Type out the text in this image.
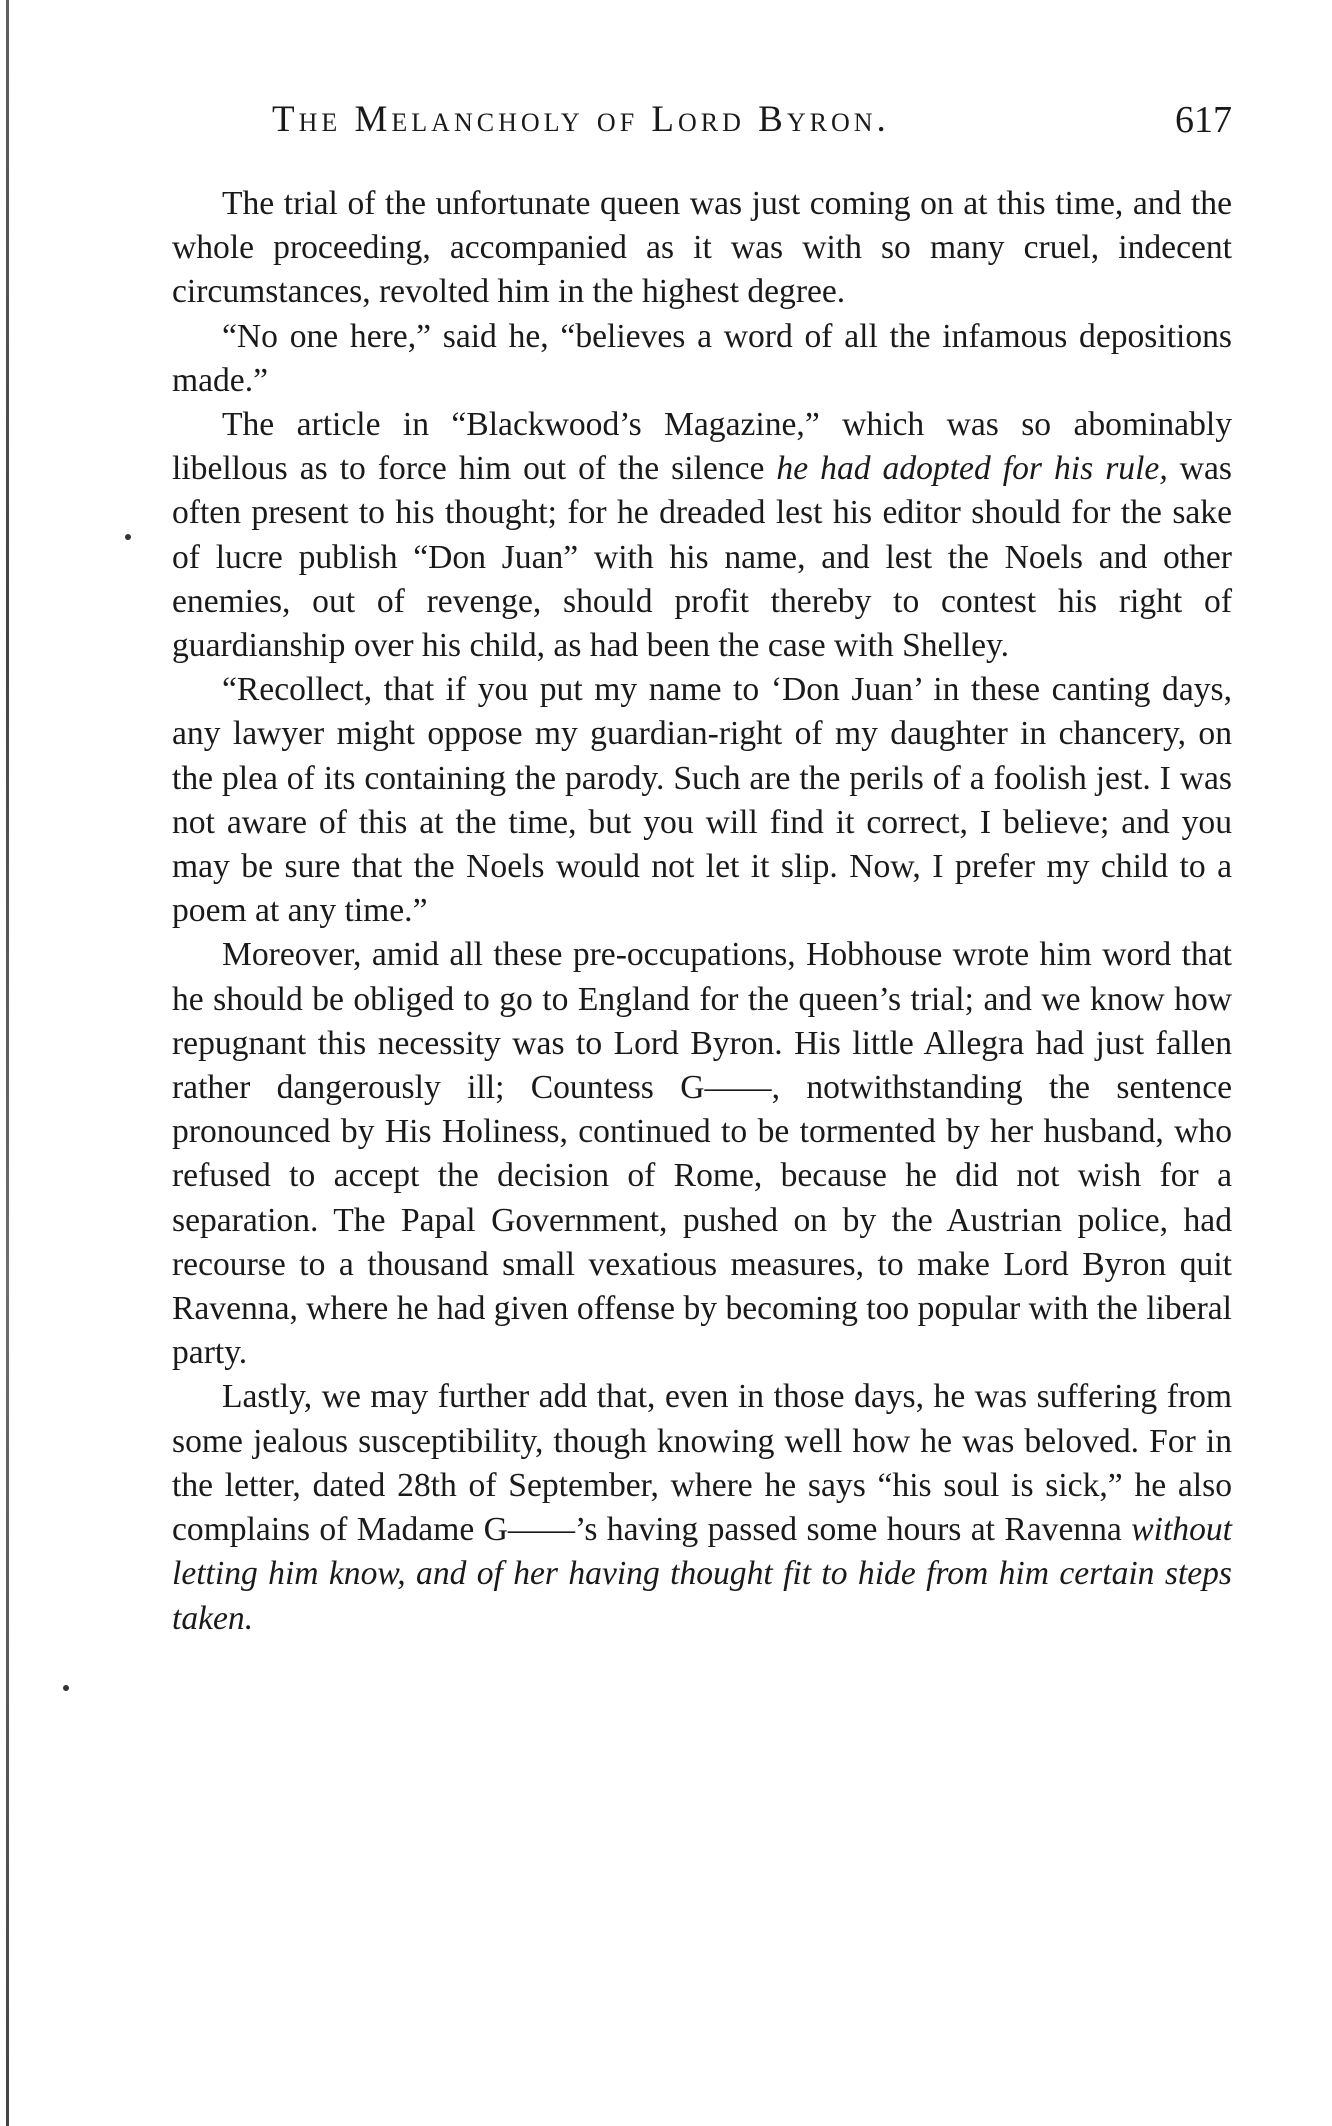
The Melancholy of Lord Byron.	617

The trial of the unfortunate queen was just coming on at this time, and the whole proceeding, accompanied as it was with so many cruel, indecent circumstances, revolted him in the highest degree.

“No one here,” said he, “believes a word of all the infamous depositions made.”

The article in “Blackwood’s Magazine,” which was so abominably libellous as to force him out of the silence he had adopted for his rule, was often present to his thought; for he dreaded lest his editor should for the sake of lucre publish “Don Juan” with his name, and lest the Noels and other enemies, out of revenge, should profit thereby to contest his right of guardianship over his child, as had been the case with Shelley.

“Recollect, that if you put my name to ‘Don Juan’ in these canting days, any lawyer might oppose my guardian-right of my daughter in chancery, on the plea of its containing the parody. Such are the perils of a foolish jest. I was not aware of this at the time, but you will find it correct, I believe; and you may be sure that the Noels would not let it slip. Now, I prefer my child to a poem at any time.”

Moreover, amid all these pre-occupations, Hobhouse wrote him word that he should be obliged to go to England for the queen’s trial; and we know how repugnant this necessity was to Lord Byron. His little Allegra had just fallen rather dangerously ill; Countess G——, notwithstanding the sentence pronounced by His Holiness, continued to be tormented by her husband, who refused to accept the decision of Rome, because he did not wish for a separation. The Papal Government, pushed on by the Austrian police, had recourse to a thousand small vexatious measures, to make Lord Byron quit Ravenna, where he had given offense by becoming too popular with the liberal party.

Lastly, we may further add that, even in those days, he was suffering from some jealous susceptibility, though knowing well how he was beloved. For in the letter, dated 28th of September, where he says “his soul is sick,” he also complains of Madame G——’s having passed some hours at Ravenna without letting him know, and of her having thought fit to hide from him certain steps taken.
